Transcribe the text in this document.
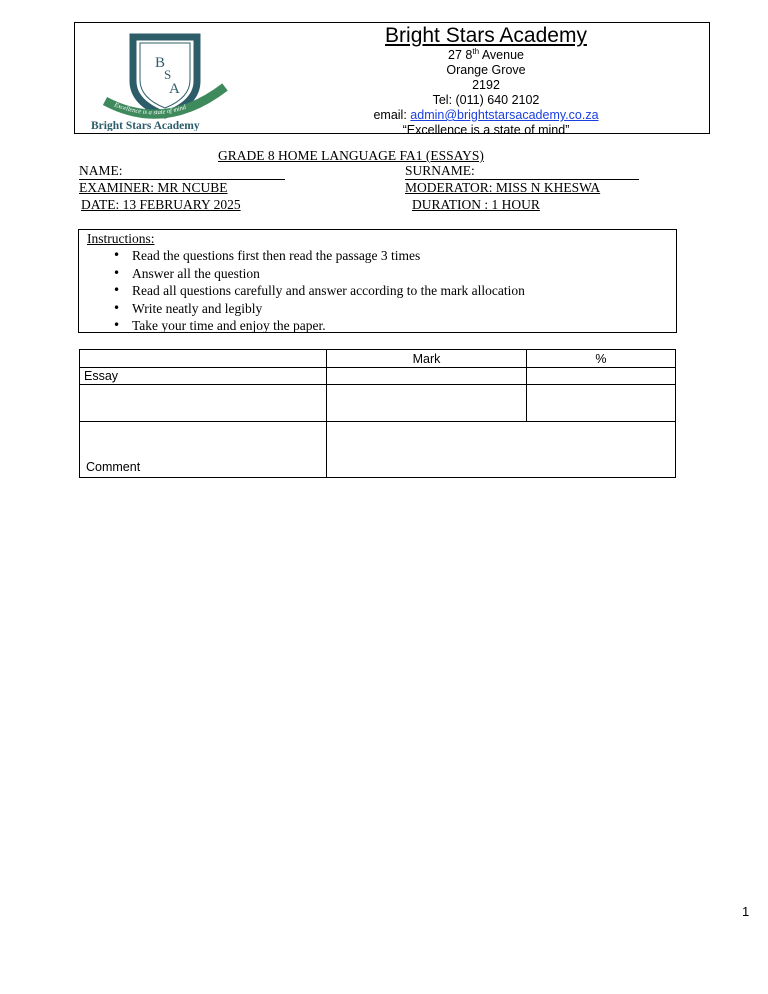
B
S
A
Excellence is a state of mind
Bright Stars Academy
Bright Stars Academy
27 8th Avenue
Orange Grove
2192
Tel: (011) 640 2102
email: admin@brightstarsacademy.co.za
“Excellence is a state of mind”
GRADE 8 HOME LANGUAGE FA1 (ESSAYS)
NAME:	SURNAME:
EXAMINER: MR NCUBE	MODERATOR: MISS N KHESWA
DATE: 13 FEBRUARY 2025	DURATION : 1 HOUR
Instructions:
• Read the questions first then read the passage 3 times
• Answer all the question
• Read all questions carefully and answer according to the mark allocation
• Write neatly and legibly
• Take your time and enjoy the paper.
	Mark	%
Essay		

Comment		
1
